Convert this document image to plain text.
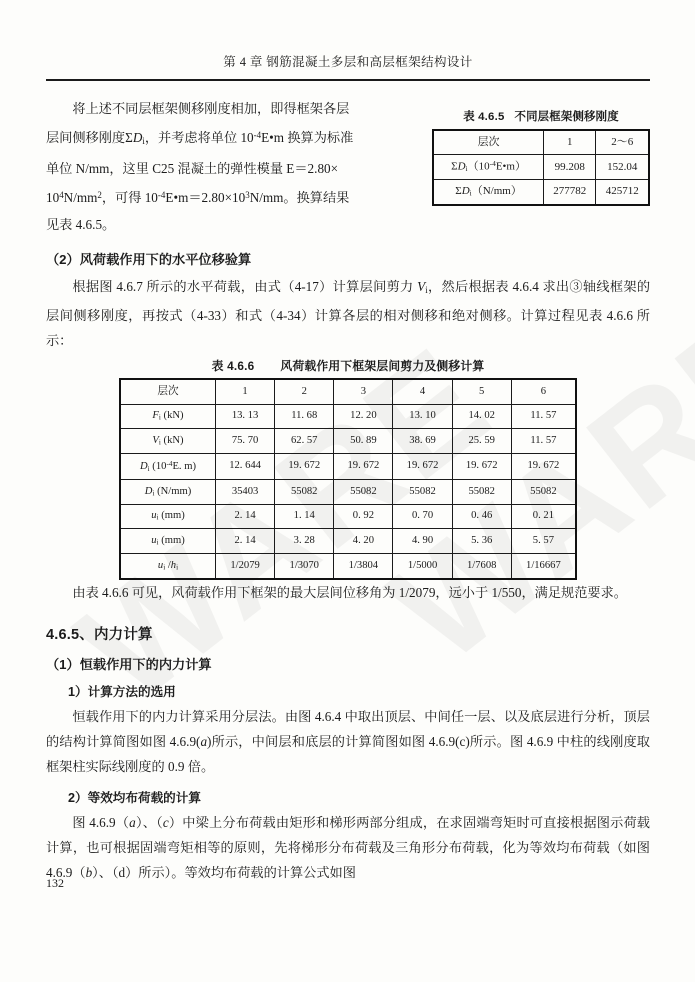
第 4 章 钢筋混凝土多层和高层框架结构设计
表 4.6.5 不同层框架侧移刚度
层次	1	2～6
$\Sigma D_i(10^{-4}E•m)$	99.208	152.04
$\Sigma D_i(N/mm)$	277782	425712

将上述不同层框架侧移刚度相加，即得框架各层

层间侧移刚度$\Sigma D_i$，并考虑将单位 $10^{-4}E•m$ 换算为标准

单位 N/mm，这里 C25 混凝土的弹性模量 E＝2.80×

$10^4N/mm^2$，可得 $10^{-4}E•m=2.80\times 10^3N/mm$。换算结果

见表 4.6.5。

（2）风荷载作用下的水平位移验算

根据图 4.6.7 所示的水平荷载，由式（4-17）计算层间剪力 $V_i$，然后根据表 4.6.4 求出③轴线框架的层间侧移刚度，再按式（4-33）和式（4-34）计算各层的相对侧移和绝对侧移。计算过程见表 4.6.6 所示：

表 4.6.6 风荷载作用下框架层间剪力及侧移计算
层次	1	2	3	4	5	6
$F_i$ (kN)	13. 13	11. 68	12. 20	13. 10	14. 02	11. 57
$V_i$ (kN)	75. 70	62. 57	50. 89	38. 69	25. 59	11. 57
$D_i$ ($10^{-4}E$. m)	12. 644	19. 672	19. 672	19. 672	19. 672	19. 672
$D_i$ (N/mm)	35403	55082	55082	55082	55082	55082
$u_i$ (mm)	2. 14	1. 14	0. 92	0. 70	0. 46	0. 21
$u_i$ (mm)	2. 14	3. 28	4. 20	4. 90	5. 36	5. 57
$u_i$ $/h_i$	1/2079	1/3070	1/3804	1/5000	1/7608	1/16667

由表 4.6.6 可见，风荷载作用下框架的最大层间位移角为 1/2079，远小于 1/550，满足规范要求。

4.6.5、内力计算
（1）恒载作用下的内力计算
1）计算方法的选用

恒载作用下的内力计算采用分层法。由图 4.6.4 中取出顶层、中间任一层、以及底层进行分析，顶层的结构计算简图如图 4.6.9(a)所示，中间层和底层的计算简图如图 4.6.9(c)所示。图 4.6.9 中柱的线刚度取框架柱实际线刚度的 0.9 倍。

2）等效均布荷载的计算

图 4.6.9（a）、（c）中梁上分布荷载由矩形和梯形两部分组成，在求固端弯矩时可直接根据图示荷载计算，也可根据固端弯矩相等的原则，先将梯形分布荷载及三角形分布荷载，化为等效均布荷载（如图 4.6.9（b）、（d）所示）。等效均布荷载的计算公式如图

132
